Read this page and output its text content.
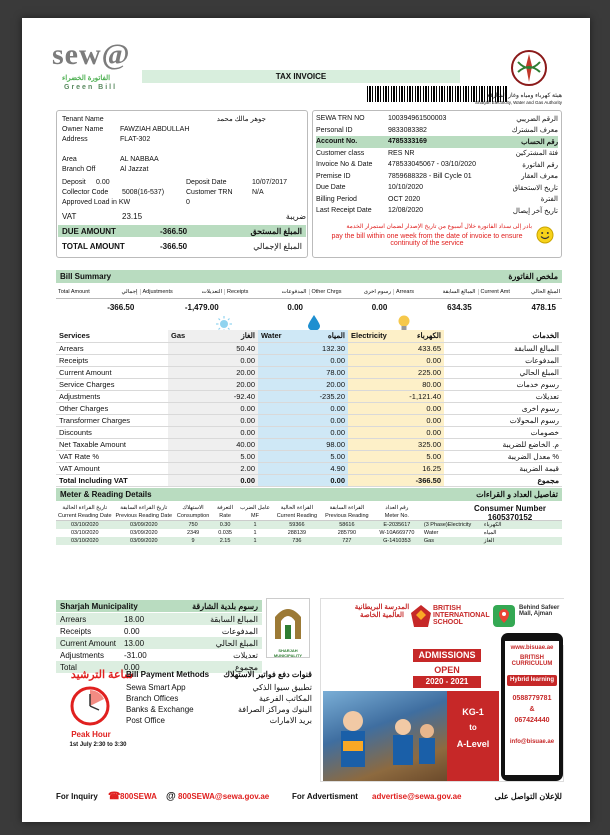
sew@
الفاتورة الخضراء
Green Bill
TAX INVOICE
هيئة كهرباء ومياه وغاز الشارقة
Sharjah Electricity, Water and Gas Authority
Tenant Name	جوهر مالك محمد
Owner Name	FAWZIAH ABDULLAH
Address	FLAT-302
Area	AL NABBAA
Branch Off	Al Jazzat
Deposit	0.00	Deposit Date	10/07/2017
Collector Code	5008(16-537)	Customer TRN	N/A
Approved Load in KW	0
VAT	23.15	ضريبة
DUE AMOUNT	-366.50	المبلغ المستحق
TOTAL AMOUNT	-366.50	المبلغ الإجمالي
SEWA TRN NO	100394961500003	الرقم الضريبي
Personal ID	9833083382	معرف المشترك
Account No.	4785333169	رقم الحساب
Customer class	RES NR	فئة المشتركين
Invoice No & Date	478533045067 - 03/10/2020	رقم الفاتورة
Premise ID	7859688328 - Bill Cycle 01	معرف العقار
Due Date	10/10/2020	تاريخ الاستحقاق
Billing Period	OCT 2020	الفترة
Last Receipt Date	12/08/2020	تاريخ آخر إيصال
بادر إلى سداد الفاتورة خلال أسبوع من تاريخ الإصدار لضمان استمرار الخدمة
pay the bill within one week from the date of invoice to ensure continuity of the service
Bill Summary	ملخص الفاتورة
Total Amount	إجمالي Adjustments	التعديلات Receipts	المدفوعات Other Chrgs	رسوم اخرى Arrears	المبالغ السابقة Current Amt	المبلغ الحالي
-366.50	-1,479.00	0.00	0.00	634.35	478.15
Services	Gas الغاز	Water المياه	Electricity الكهرباء	الخدمات
Arrears	50.40	132.30	433.65	المبالغ السابقة
Receipts	0.00	0.00	0.00	المدفوعات
Current Amount	20.00	78.00	225.00	المبلغ الحالي
Service Charges	20.00	20.00	80.00	رسوم خدمات
Adjustments	-92.40	-235.20	-1,121.40	تعديلات
Other Charges	0.00	0.00	0.00	رسوم اخرى
Transformer Charges	0.00	0.00	0.00	رسوم المحولات
Discounts	0.00	0.00	0.00	خصومات
Net Taxable Amount	40.00	98.00	325.00	م. الخاضع للضريبة
VAT Rate %	5.00	5.00	5.00	معدل الضريبة %
VAT Amount	2.00	4.90	16.25	قيمة الضريبة
Total Including VAT	0.00	0.00	-366.50	مجموع
Meter & Reading Details	تفاصيل العداد و القراءات
Consumer Number
1605370152
تاريخ القراءة الحالية	تاريخ القراءة السابقة	الاستهلاك	التعرفة	عامل الضرب	القراءة الحالية	القراءة السابقة	رقم العداد		
Current Reading Date	Previous Reading Date	Consumption	Rate	MF	Current Reading	Previous Reading	Meter No.		
03/10/2020	03/09/2020	750	0.30	1	59366	58616	E-2035617	(3 Phase)Electricity	الكهرباء
03/10/2020	03/09/2020	2349	0.035	1	288139	285790	W-10A669770	Water	المياه
03/10/2020	03/09/2020	9	2.15	1	736	727	G-1410353	Gas	الغاز
Sharjah Municipality	رسوم بلدية الشارقة
Arrears	18.00	المبالغ السابقة
Receipts	0.00	المدفوعات
Current Amount 13.00	المبلغ الحالي
Adjustments	-31.00	تعديلات
Total	0.00	مجموع
SHARJAH MUNICIPALITY
ساعة الترشيد
Peak Hour
1st July 2:30 to 3:30
Bill Payment Methods قنوات دفع فواتير الاستهلاك
Sewa Smart App	تطبيق سيوا الذكي
Branch Offices	المكاتب الفرعية
Banks & Exchange	البنوك ومراكز الصرافة
Post Office	بريد الامارات
المدرسة البريطانية العالمية الخاصة
BRITISH INTERNATIONAL SCHOOL
Behind Safeer Mall, Ajman
ADMISSIONS
OPEN
2020 - 2021
KG-1
to
A-Level
www.bisuae.ae
BRITISH CURRICULUM
Hybrid learning
0588779781
&
067424440
info@bisuae.ae
For Inquiry	☎ 800SEWA @ 800SEWA@sewa.gov.ae	For Advertisment	advertise@sewa.gov.ae	للإعلان التواصل على
